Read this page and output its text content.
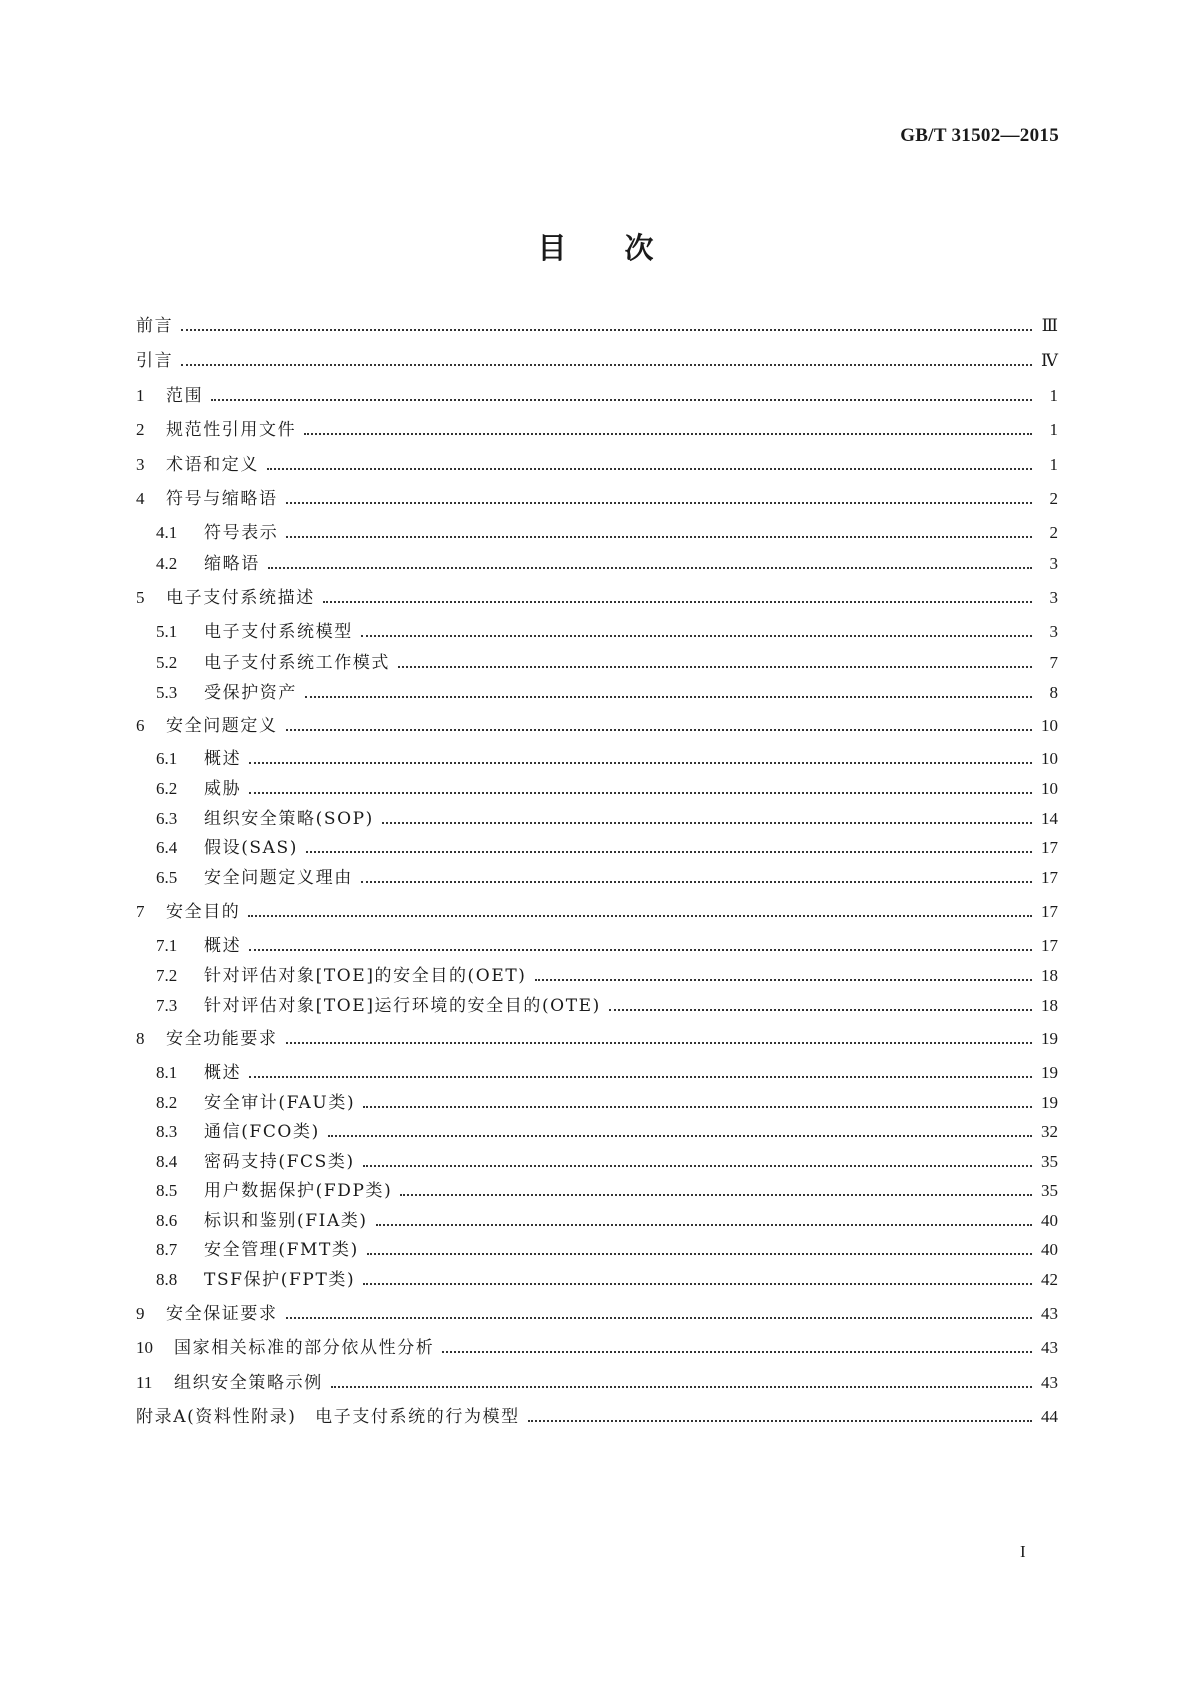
GB/T 31502—2015
目次
前言	Ⅲ
引言	Ⅳ
1	范围	1
2	规范性引用文件	1
3	术语和定义	1
4	符号与缩略语	2
4.1	符号表示	2
4.2	缩略语	3
5	电子支付系统描述	3
5.1	电子支付系统模型	3
5.2	电子支付系统工作模式	7
5.3	受保护资产	8
6	安全问题定义	10
6.1	概述	10
6.2	威胁	10
6.3	组织安全策略(SOP)	14
6.4	假设(SAS)	17
6.5	安全问题定义理由	17
7	安全目的	17
7.1	概述	17
7.2	针对评估对象[TOE]的安全目的(OET)	18
7.3	针对评估对象[TOE]运行环境的安全目的(OTE)	18
8	安全功能要求	19
8.1	概述	19
8.2	安全审计(FAU类)	19
8.3	通信(FCO类)	32
8.4	密码支持(FCS类)	35
8.5	用户数据保护(FDP类)	35
8.6	标识和鉴别(FIA类)	40
8.7	安全管理(FMT类)	40
8.8	TSF保护(FPT类)	42
9	安全保证要求	43
10	国家相关标准的部分依从性分析	43
11	组织安全策略示例	43
附录A(资料性附录)　电子支付系统的行为模型	44
I
